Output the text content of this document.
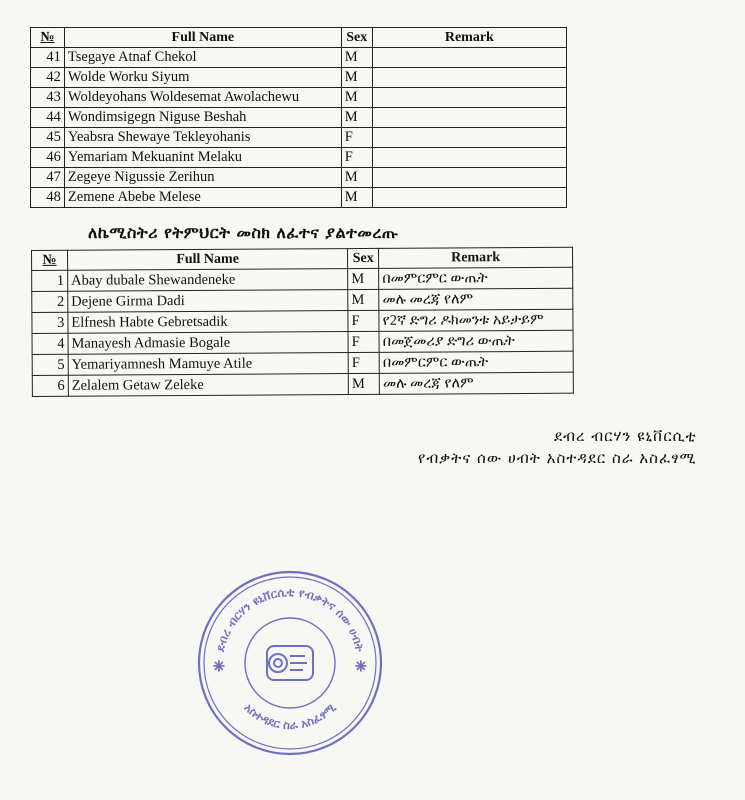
№	Full Name	Sex	Remark
41	Tsegaye Atnaf Chekol	M	
42	Wolde Worku Siyum	M	
43	Woldeyohans Woldesemat Awolachewu	M	
44	Wondimsigegn Niguse Beshah	M	
45	Yeabsra Shewaye Tekleyohanis	F	
46	Yemariam Mekuanint Melaku	F	
47	Zegeye Nigussie Zerihun	M	
48	Zemene Abebe Melese	M	
ለኬሚስትሪ የትምህርት መስክ ለፈተና ያልተመረጡ
№	Full Name	Sex	Remark
1	Abay dubale Shewandeneke	M	በመምርምር ውጤት
2	Dejene Girma Dadi	M	መሉ መረጃ የለም
3	Elfnesh Habte Gebretsadik	F	የ2ኛ ድግሪ ዶክመንቱ አይታይም
4	Manayesh Admasie Bogale	F	በመጀመሪያ ድግሪ ውጤት
5	Yemariyamnesh Mamuye Atile	F	በመምርምር ውጤት
6	Zelalem Getaw Zeleke	M	መሉ መረጃ የለም
ደብረ ብርሃን ዩኒቨርሲቲ
የብቃትና ሰው ሀብት አስተዳደር ስራ አስፈፃሚ
✳	✳
ደብረ ብርሃን ዩኒቨርሲቲ የብቃትና ሰው ሀብት
አስተዳደር ስራ አስፈፃሚ
